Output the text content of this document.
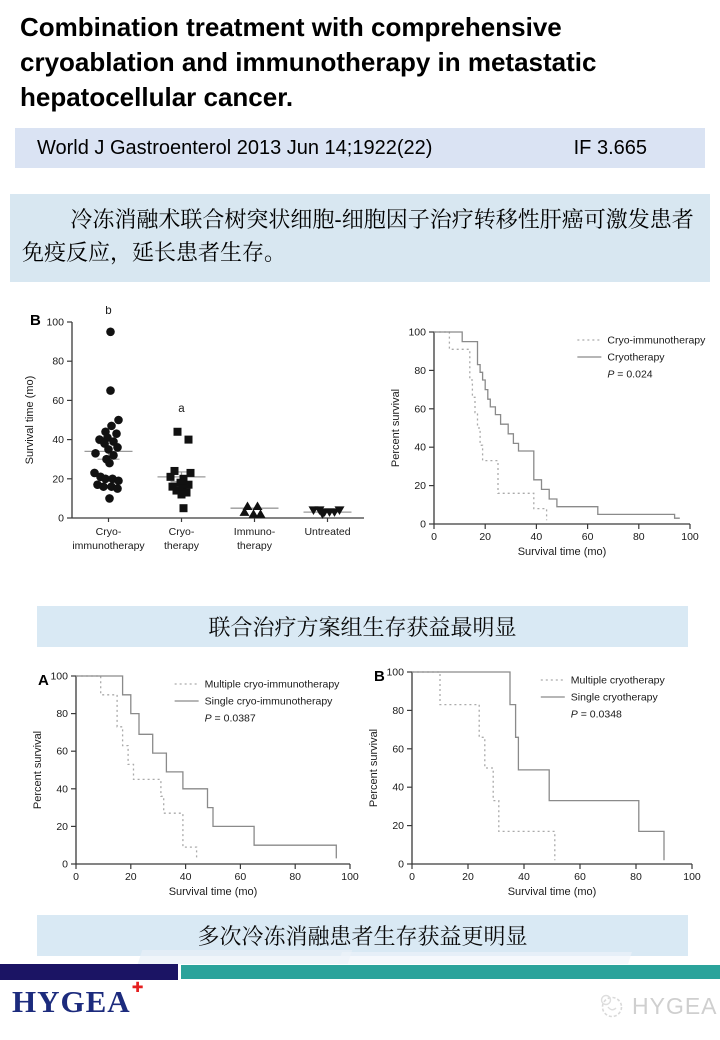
Combination treatment with comprehensive cryoablation and immunotherapy in metastatic hepatocellular cancer.
World J Gastroenterol 2013 Jun 14;1922(22)	IF 3.665

冷冻消融术联合树突状细胞-细胞因子治疗转移性肝癌可激发患者免疫反应，延长患者生存。

0
20
40
60
80
100
Survival time (mo)
B
b
Cryo-
immunotherapy
a
Cryo-
therapy
Immuno-
therapy
Untreated
0
20
40
60
80
100
0	20	40	60	80	100
Percent survival
Survival time (mo)
Cryo-immunotherapy
Cryotherapy
P = 0.024
联合治疗方案组生存获益最明显
0
20
40
60
80
100
0	20	40	60	80	100
Percent survival
Survival time (mo)
A	Multiple cryo-immunotherapy
Single cryo-immunotherapy
P = 0.0387
0
20
40
60
80
100
0	20	40	60	80	100
Percent survival
Survival time (mo)
B	Multiple cryotherapy
Single cryotherapy
P = 0.0348
多次冷冻消融患者生存获益更明显
HYGEA✚
HYGEA
